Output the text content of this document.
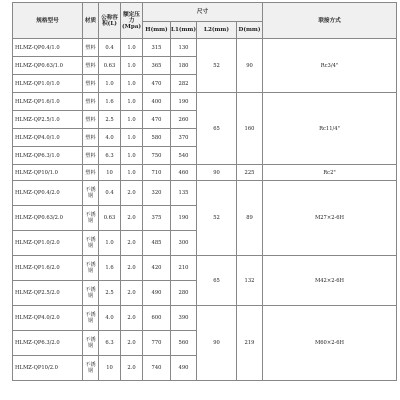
规格型号	材质	公称容积(L)	额定压力(Mpa)	尺寸				联接方式
				H(mm)	L1(mm)	L2(mm)	D(mm)	
HLMZ-QP0.4/1.0	塑料	0.4	1.0	315	130	52	90	Rc3/4"
HLMZ-QP0.63/1.0	塑料	0.63	1.0	365	180			
HLMZ-QP1.0/1.0	塑料	1.0	1.0	470	282			
HLMZ-QP1.6/1.0	塑料	1.6	1.0	400	190	65	160	Rc11/4"
HLMZ-QP2.5/1.0	塑料	2.5	1.0	470	260			
HLMZ-QP4.0/1.0	塑料	4.0	1.0	580	370			
HLMZ-QP6.3/1.0	塑料	6.3	1.0	750	540			
HLMZ-QP10/1.0	塑料	10	1.0	710	460	90	225	Rc2"
HLMZ-QP0.4/2.0	不锈钢	0.4	2.0	320	135	52	89	M27×2-6H
HLMZ-QP0.63/2.0	不锈钢	0.63	2.0	375	190			
HLMZ-QP1.0/2.0	不锈钢	1.0	2.0	485	300			
HLMZ-QP1.6/2.0	不锈钢	1.6	2.0	420	210	65	132	M42×2-6H
HLMZ-QP2.5/2.0	不锈钢	2.5	2.0	490	280			
HLMZ-QP4.0/2.0	不锈钢	4.0	2.0	600	390	90	219	M60×2-6H
HLMZ-QP6.3/2.0	不锈钢	6.3	2.0	770	560			
HLMZ-QP10/2.0	不锈钢	10	2.0	740	490			
